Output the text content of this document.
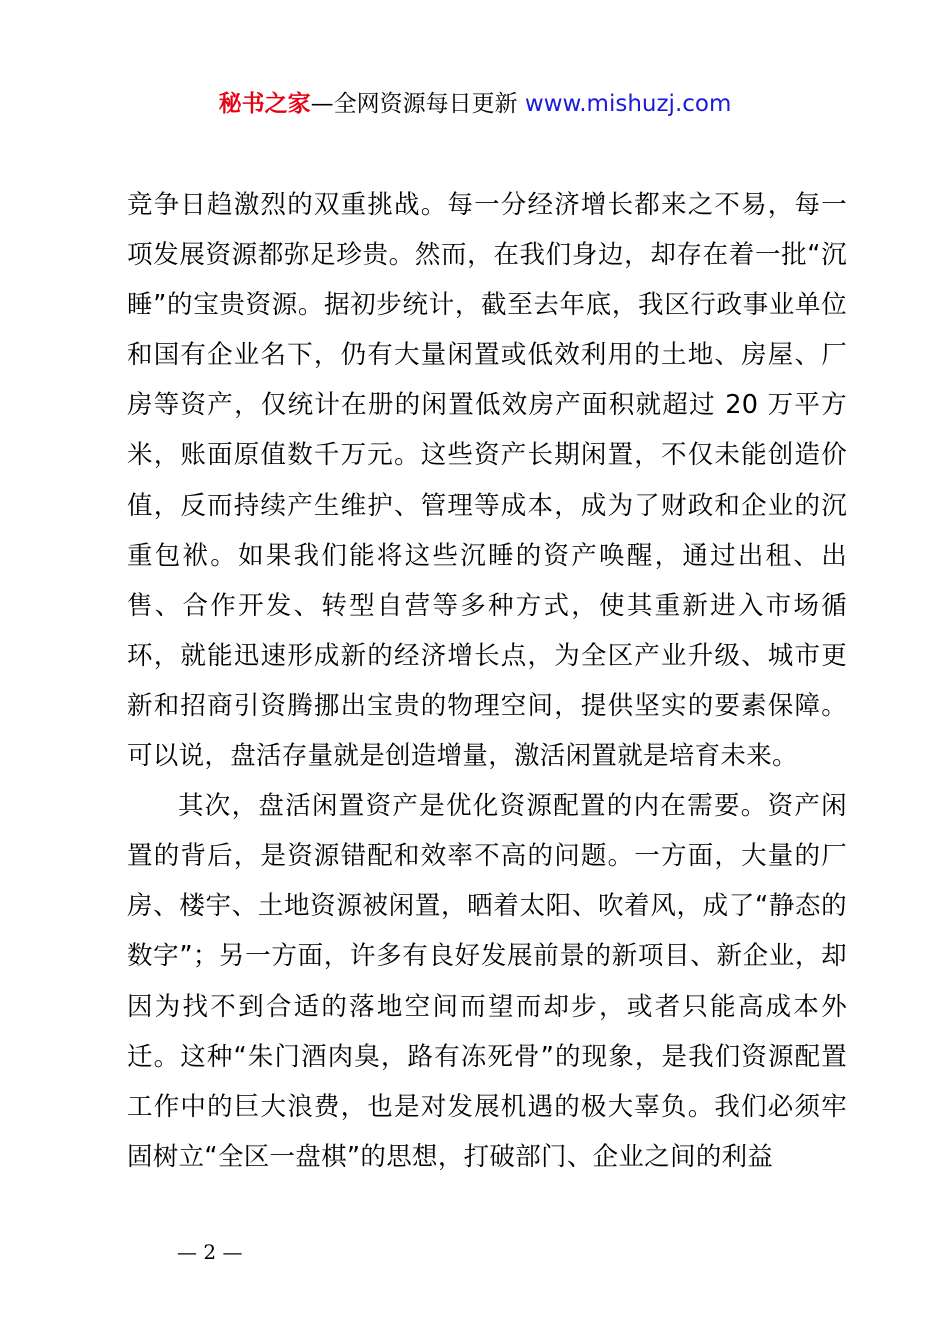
秘书之家—全网资源每日更新 www.mishuzj.com

竞争日趋激烈的双重挑战。每一分经济增长都来之不易，每一项发展资源都弥足珍贵。然而，在我们身边，却存在着一批“沉睡”的宝贵资源。据初步统计，截至去年底，我区行政事业单位和国有企业名下，仍有大量闲置或低效利用的土地、房屋、厂房等资产，仅统计在册的闲置低效房产面积就超过 20 万平方米，账面原值数千万元。这些资产长期闲置，不仅未能创造价值，反而持续产生维护、管理等成本，成为了财政和企业的沉重包袱。如果我们能将这些沉睡的资产唤醒，通过出租、出售、合作开发、转型自营等多种方式，使其重新进入市场循环，就能迅速形成新的经济增长点，为全区产业升级、城市更新和招商引资腾挪出宝贵的物理空间，提供坚实的要素保障。可以说，盘活存量就是创造增量，激活闲置就是培育未来。

其次，盘活闲置资产是优化资源配置的内在需要。资产闲置的背后，是资源错配和效率不高的问题。一方面，大量的厂房、楼宇、土地资源被闲置，晒着太阳、吹着风，成了“静态的数字”；另一方面，许多有良好发展前景的新项目、新企业，却因为找不到合适的落地空间而望而却步，或者只能高成本外迁。这种“朱门酒肉臭，路有冻死骨”的现象，是我们资源配置工作中的巨大浪费，也是对发展机遇的极大辜负。我们必须牢固树立“全区一盘棋”的思想，打破部门、企业之间的利益

— 2 —
